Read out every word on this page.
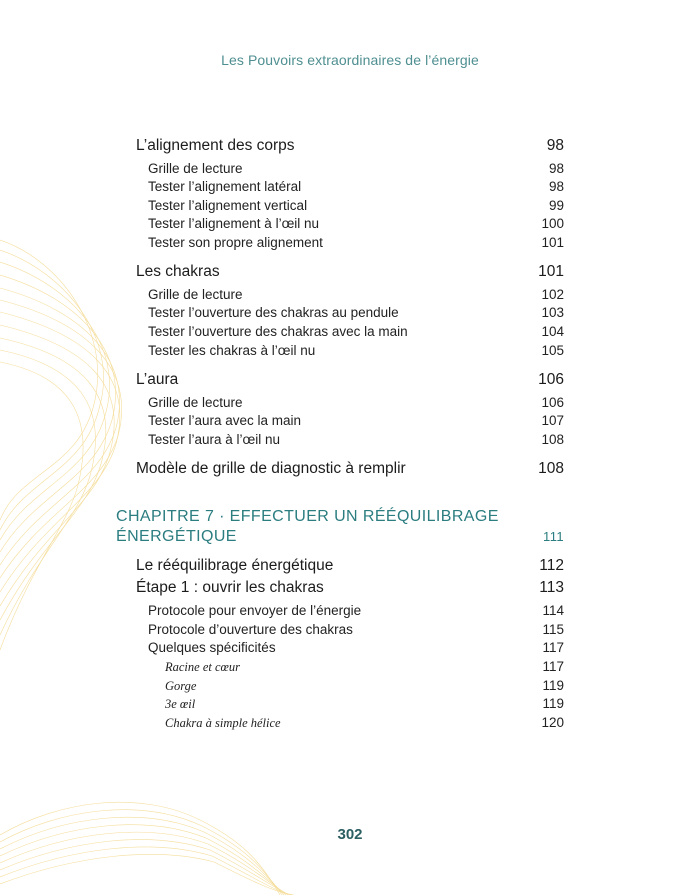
Les Pouvoirs extraordinaires de l’énergie
L’alignement des corps	98
Grille de lecture	98
Tester l’alignement latéral	98
Tester l’alignement vertical	99
Tester l’alignement à l’œil nu	100
Tester son propre alignement	101
Les chakras	101
Grille de lecture	102
Tester l’ouverture des chakras au pendule	103
Tester l’ouverture des chakras avec la main	104
Tester les chakras à l’œil nu	105
L’aura	106
Grille de lecture	106
Tester l’aura avec la main	107
Tester l’aura à l’œil nu	108
Modèle de grille de diagnostic à remplir	108
CHAPITRE 7 · EFFECTUER UN RÉÉQUILIBRAGE
ÉNERGÉTIQUE	111
Le rééquilibrage énergétique	112
Étape 1 : ouvrir les chakras	113
Protocole pour envoyer de l’énergie	114
Protocole d’ouverture des chakras	115
Quelques spécificités	117
Racine et cœur	117
Gorge	119
3e œil	119
Chakra à simple hélice	120
302
